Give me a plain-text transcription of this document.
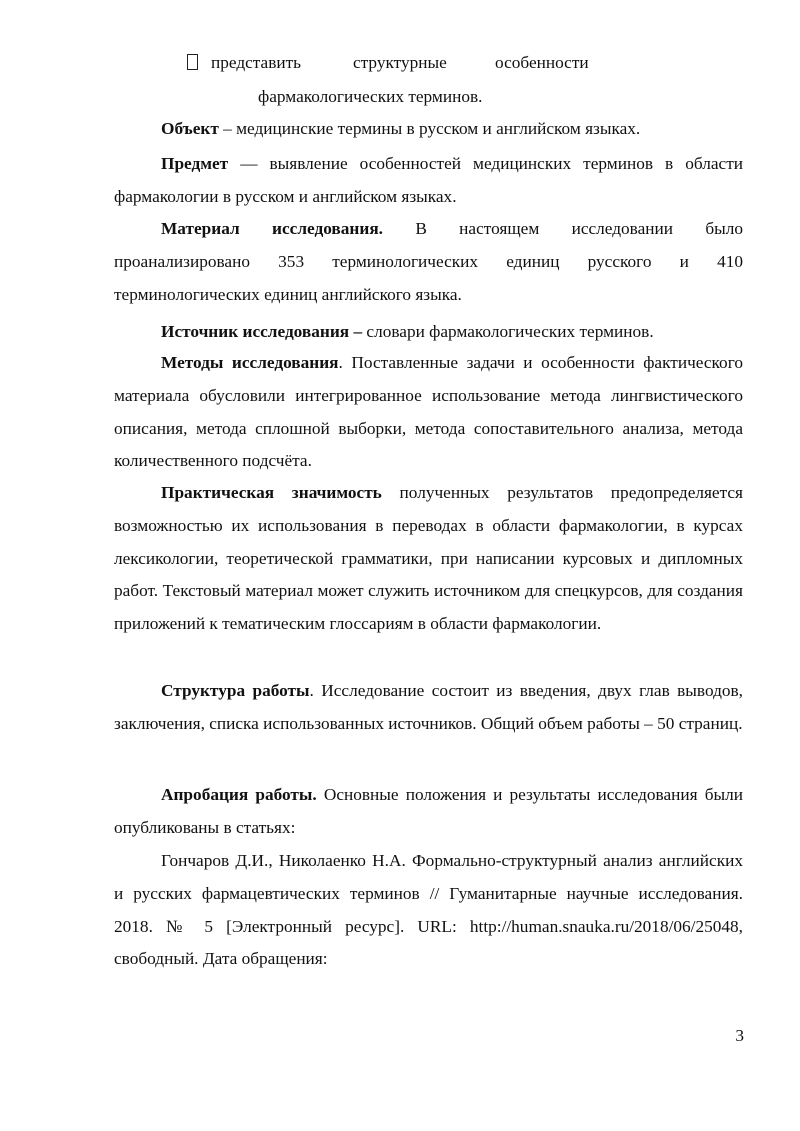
представить	структурные	особенности
фармакологических терминов.

Объект – медицинские термины в русском и английском языках.

Предмет — выявление особенностей медицинских терминов в области фармакологии в русском и английском языках.

Материал исследования. В настоящем исследовании было проанализировано 353 терминологических единиц русского и 410 терминологических единиц английского языка.

Источник исследования – словари фармакологических терминов.

Методы исследования. Поставленные задачи и особенности фактического материала обусловили интегрированное использование метода лингвистического описания, метода сплошной выборки, метода сопоставительного анализа, метода количественного подсчёта.

Практическая значимость полученных результатов предопределяется возможностью их использования в переводах в области фармакологии, в курсах лексикологии, теоретической грамматики, при написании курсовых и дипломных работ. Текстовый материал может служить источником для спецкурсов, для создания приложений к тематическим глоссариям в области фармакологии.

Структура работы. Исследование состоит из введения, двух глав выводов, заключения, списка использованных источников. Общий объем работы – 50 страниц.

Апробация работы. Основные положения и результаты исследования были опубликованы в статьях:

Гончаров Д.И., Николаенко Н.А. Формально-структурный анализ английских и русских фармацевтических терминов // Гуманитарные научные исследования. 2018. № 5 [Электронный ресурс]. URL: http://human.snauka.ru/2018/06/25048, свободный. Дата обращения:

3
